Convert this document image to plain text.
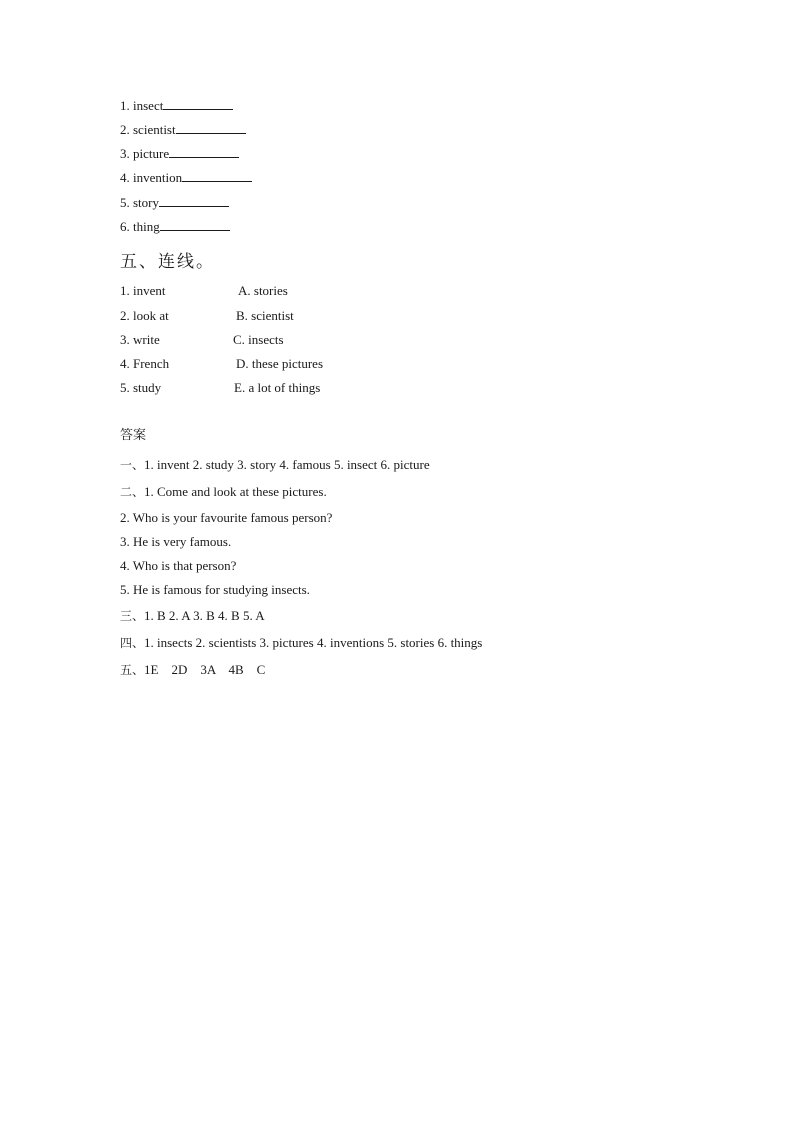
1. insect
2. scientist
3. picture
4. invention
5. story
6. thing
五、连线。
1. invent	A. stories
2. look at	B. scientist
3. write	C. insects
4. French	D. these pictures
5. study	E. a lot of things
答案
一、1. invent 2. study 3. story 4. famous 5. insect 6. picture
二、1. Come and look at these pictures.
2. Who is your favourite famous person?
3. He is very famous.
4. Who is that person?
5. He is famous for studying insects.
三、1. B 2. A 3. B 4. B 5. A
四、1. insects 2. scientists 3. pictures 4. inventions 5. stories 6. things
五、1E    2D    3A    4B    C
